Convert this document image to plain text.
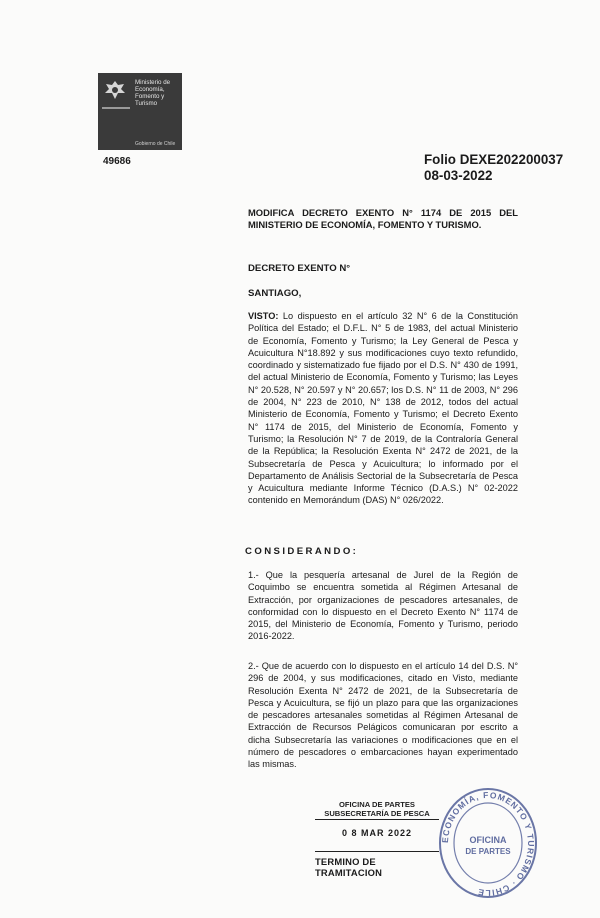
Ministerio de
Economía,
Fomento y
Turismo
Gobierno de Chile
49686	Folio DEXE202200037
08-03-2022
MODIFICA DECRETO EXENTO N° 1174 DE 2015 DEL MINISTERIO DE ECONOMÍA, FOMENTO Y TURISMO.
DECRETO EXENTO N°
SANTIAGO,
VISTO: Lo dispuesto en el artículo 32 N° 6 de la Constitución Política del Estado; el D.F.L. N° 5 de 1983, del actual Ministerio de Economía, Fomento y Turismo; la Ley General de Pesca y Acuicultura N°18.892 y sus modificaciones cuyo texto refundido, coordinado y sistematizado fue fijado por el D.S. N° 430 de 1991, del actual Ministerio de Economía, Fomento y Turismo; las Leyes N° 20.528, N° 20.597 y N° 20.657; los D.S. N° 11 de 2003, N° 296 de 2004, N° 223 de 2010, N° 138 de 2012, todos del actual Ministerio de Economía, Fomento y Turismo; el Decreto Exento N° 1174 de 2015, del Ministerio de Economía, Fomento y Turismo; la Resolución N° 7 de 2019, de la Contraloría General de la República; la Resolución Exenta N° 2472 de 2021, de la Subsecretaría de Pesca y Acuicultura; lo informado por el Departamento de Análisis Sectorial de la Subsecretaría de Pesca y Acuicultura mediante Informe Técnico (D.A.S.) N° 02-2022 contenido en Memorándum (DAS) N° 026/2022.
CONSIDERANDO:
1.- Que la pesquería artesanal de Jurel de la Región de Coquimbo se encuentra sometida al Régimen Artesanal de Extracción, por organizaciones de pescadores artesanales, de conformidad con lo dispuesto en el Decreto Exento N° 1174 de 2015, del Ministerio de Economía, Fomento y Turismo, periodo 2016-2022.
2.- Que de acuerdo con lo dispuesto en el artículo 14 del D.S. N° 296 de 2004, y sus modificaciones, citado en Visto, mediante Resolución Exenta N° 2472 de 2021, de la Subsecretaría de Pesca y Acuicultura, se fijó un plazo para que las organizaciones de pescadores artesanales sometidas al Régimen Artesanal de Extracción de Recursos Pelágicos comunicaran por escrito a dicha Subsecretaría las variaciones o modificaciones que en el número de pescadores o embarcaciones hayan experimentado las mismas.
OFICINA DE PARTES
SUBSECRETARÍA DE PESCA
0 8 MAR 2022
TERMINO DE TRAMITACION
ECONOMÍA, FOMENTO Y TURISMO · CHILE
OFICINA
DE PARTES
